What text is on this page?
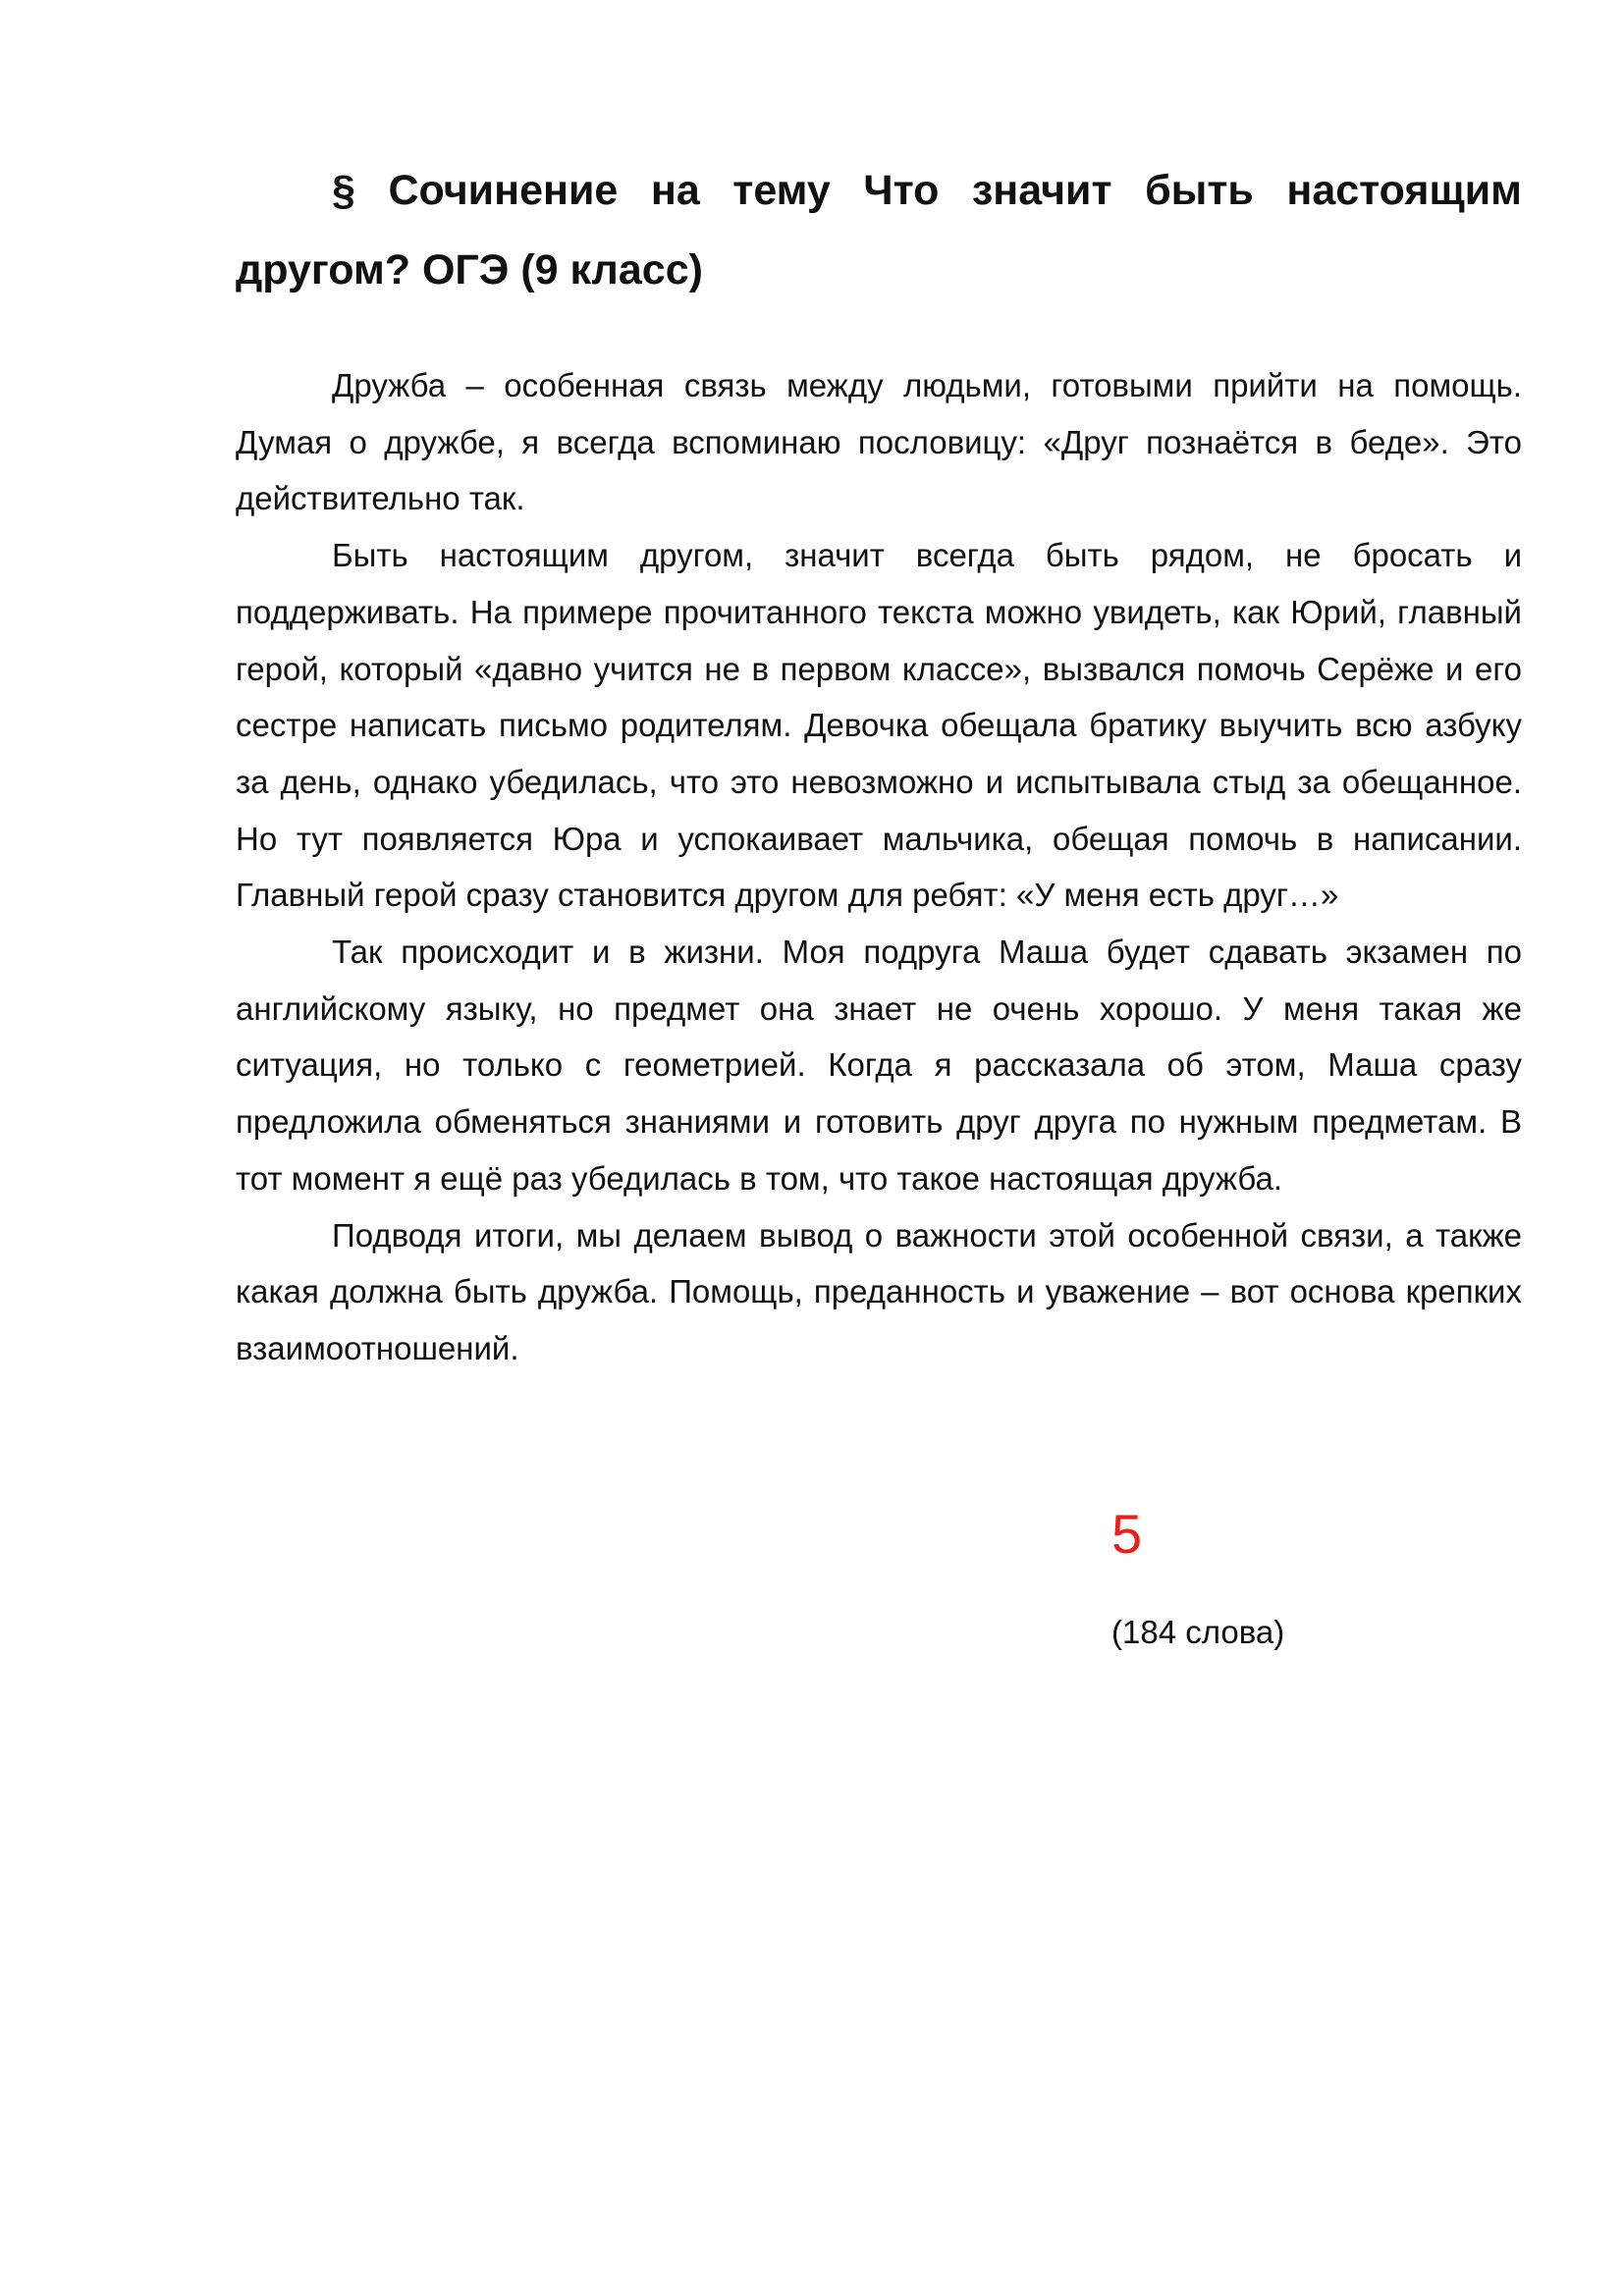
§ Сочинение на тему Что значит быть настоящим другом? ОГЭ (9 класс)

Дружба – особенная связь между людьми, готовыми прийти на помощь. Думая о дружбе, я всегда вспоминаю пословицу: «Друг познаётся в беде». Это действительно так.

Быть настоящим другом, значит всегда быть рядом, не бросать и поддерживать. На примере прочитанного текста можно увидеть, как Юрий, главный герой, который «давно учится не в первом классе», вызвался помочь Серёже и его сестре написать письмо родителям. Девочка обещала братику выучить всю азбуку за день, однако убедилась, что это невозможно и испытывала стыд за обещанное. Но тут появляется Юра и успокаивает мальчика, обещая помочь в написании. Главный герой сразу становится другом для ребят: «У меня есть друг…»

Так происходит и в жизни. Моя подруга Маша будет сдавать экзамен по английскому языку, но предмет она знает не очень хорошо. У меня такая же ситуация, но только с геометрией. Когда я рассказала об этом, Маша сразу предложила обменяться знаниями и готовить друг друга по нужным предметам. В тот момент я ещё раз убедилась в том, что такое настоящая дружба.

Подводя итоги, мы делаем вывод о важности этой особенной связи, а также какая должна быть дружба. Помощь, преданность и уважение – вот основа крепких взаимоотношений.

5
(184 слова)
